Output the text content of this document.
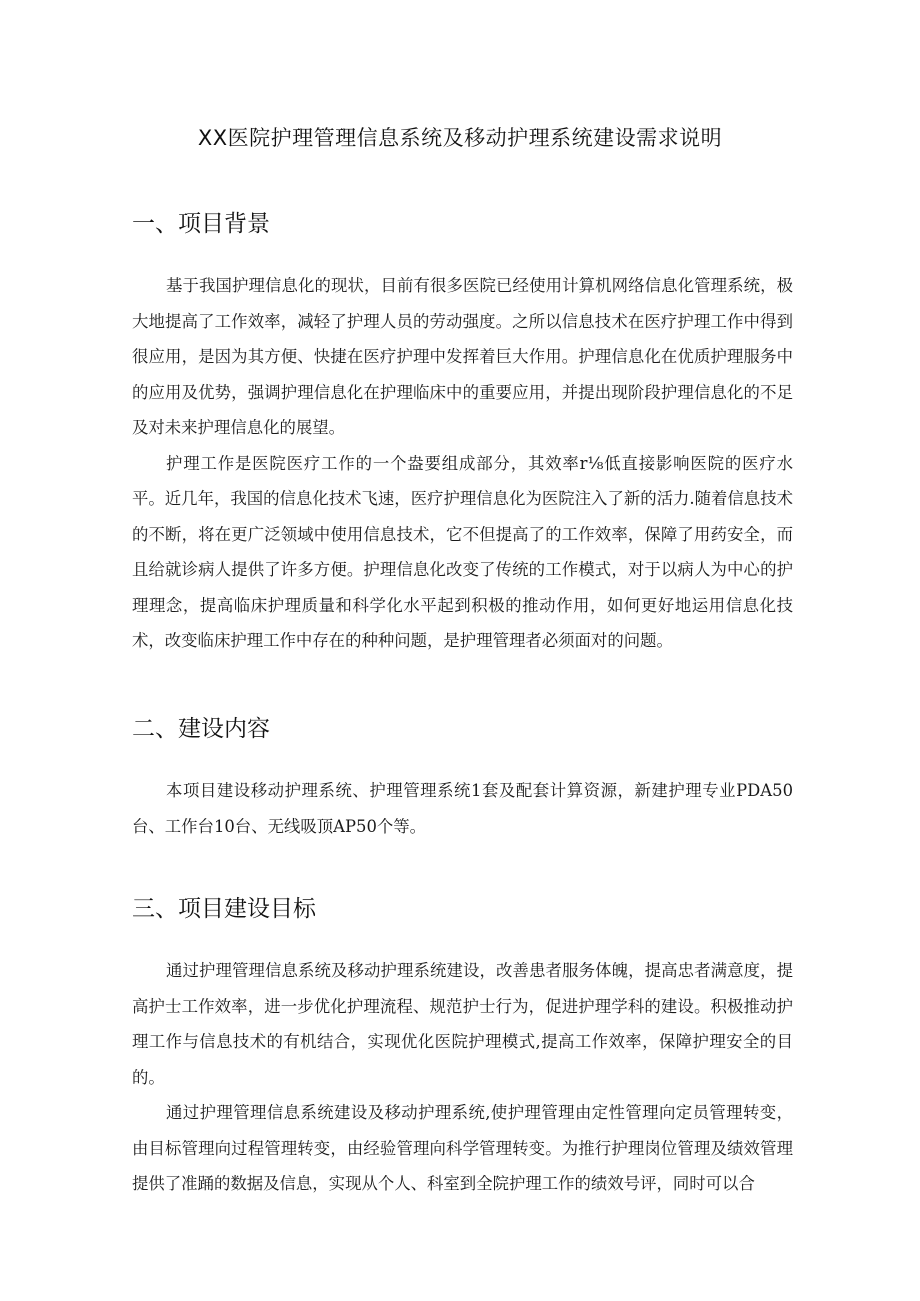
XX医院护理管理信息系统及移动护理系统建设需求说明
一、项目背景

基于我国护理信息化的现状，目前有很多医院已经使用计算机网络信息化管理系统，极大地提高了工作效率，减轻了护理人员的劳动强度。之所以信息技术在医疗护理工作中得到很应用，是因为其方便、快捷在医疗护理中发挥着巨大作用。护理信息化在优质护理服务中的应用及优势，强调护理信息化在护理临床中的重要应用，并提出现阶段护理信息化的不足及对未来护理信息化的展望。

护理工作是医院医疗工作的一个盎要组成部分，其效率r⅛低直接影响医院的医疗水平。近几年，我国的信息化技术飞速，医疗护理信息化为医院注入了新的活力.随着信息技术的不断，将在更广泛领域中使用信息技术，它不但提高了的工作效率，保障了用药安全，而且给就诊病人提供了许多方便。护理信息化改变了传统的工作模式，对于以病人为中心的护理理念，提高临床护理质量和科学化水平起到积极的推动作用，如何更好地运用信息化技术，改变临床护理工作中存在的种种问题，是护理管理者必须面对的问题。

二、建设内容

本项目建设移动护理系统、护理管理系统1套及配套计算资源，新建护理专业PDA50台、工作台10台、无线吸顶AP50个等。

三、项目建设目标

通过护理管理信息系统及移动护理系统建设，改善患者服务体魄，提高忠者满意度，提高护士工作效率，进一步优化护理流程、规范护士行为，促进护理学科的建设。积极推动护理工作与信息技术的有机结合，实现优化医院护理模式,提高工作效率，保障护理安全的目的。

通过护理管理信息系统建设及移动护理系统,使护理管理由定性管理向定员管理转变，由目标管理向过程管理转变，由经验管理向科学管理转变。为推行护理岗位管理及绩效管理提供了准踊的数据及信息，实现从个人、科室到全院护理工作的绩效号评，同时可以合
